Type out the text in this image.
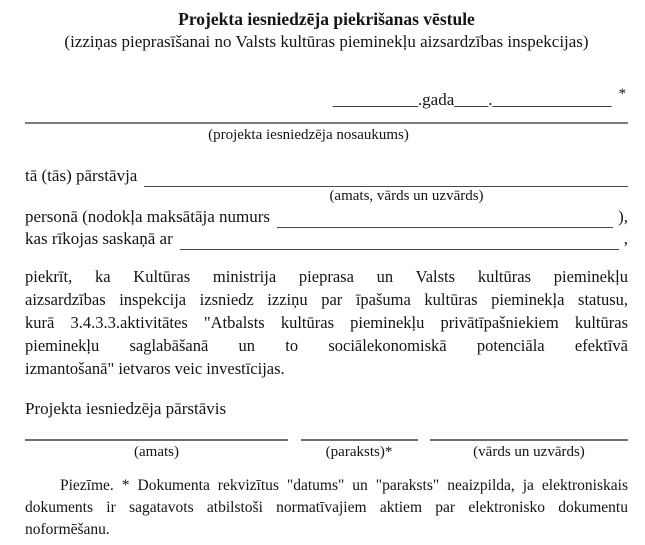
Projekta iesniedzēja piekrišanas vēstule
(izziņas pieprasīšanai no Valsts kultūras pieminekļu aizsardzības inspekcijas)
__________.gada____.______________ *
(projekta iesniedzēja nosaukums)
tā (tās) pārstāvja
(amats, vārds un uzvārds)
personā (nodokļa maksātāja numurs	),
kas rīkojas saskaņā ar	,
piekrīt, ka Kultūras ministrija pieprasa un Valsts kultūras pieminekļu
aizsardzības inspekcija izsniedz izziņu par īpašuma kultūras pieminekļa statusu,
kurā 3.4.3.3.aktivitātes "Atbalsts kultūras pieminekļu privātīpašniekiem kultūras
pieminekļu saglabāšanā un to sociālekonomiskā potenciāla efektīvā
izmantošanā" ietvaros veic investīcijas.
Projekta iesniedzēja pārstāvis
(amats)	(paraksts)*	(vārds un uzvārds)
Piezīme. * Dokumenta rekvizītus "datums" un "paraksts" neaizpilda, ja elektroniskais
dokuments ir sagatavots atbilstoši normatīvajiem aktiem par elektronisko dokumentu
noformēšanu.
